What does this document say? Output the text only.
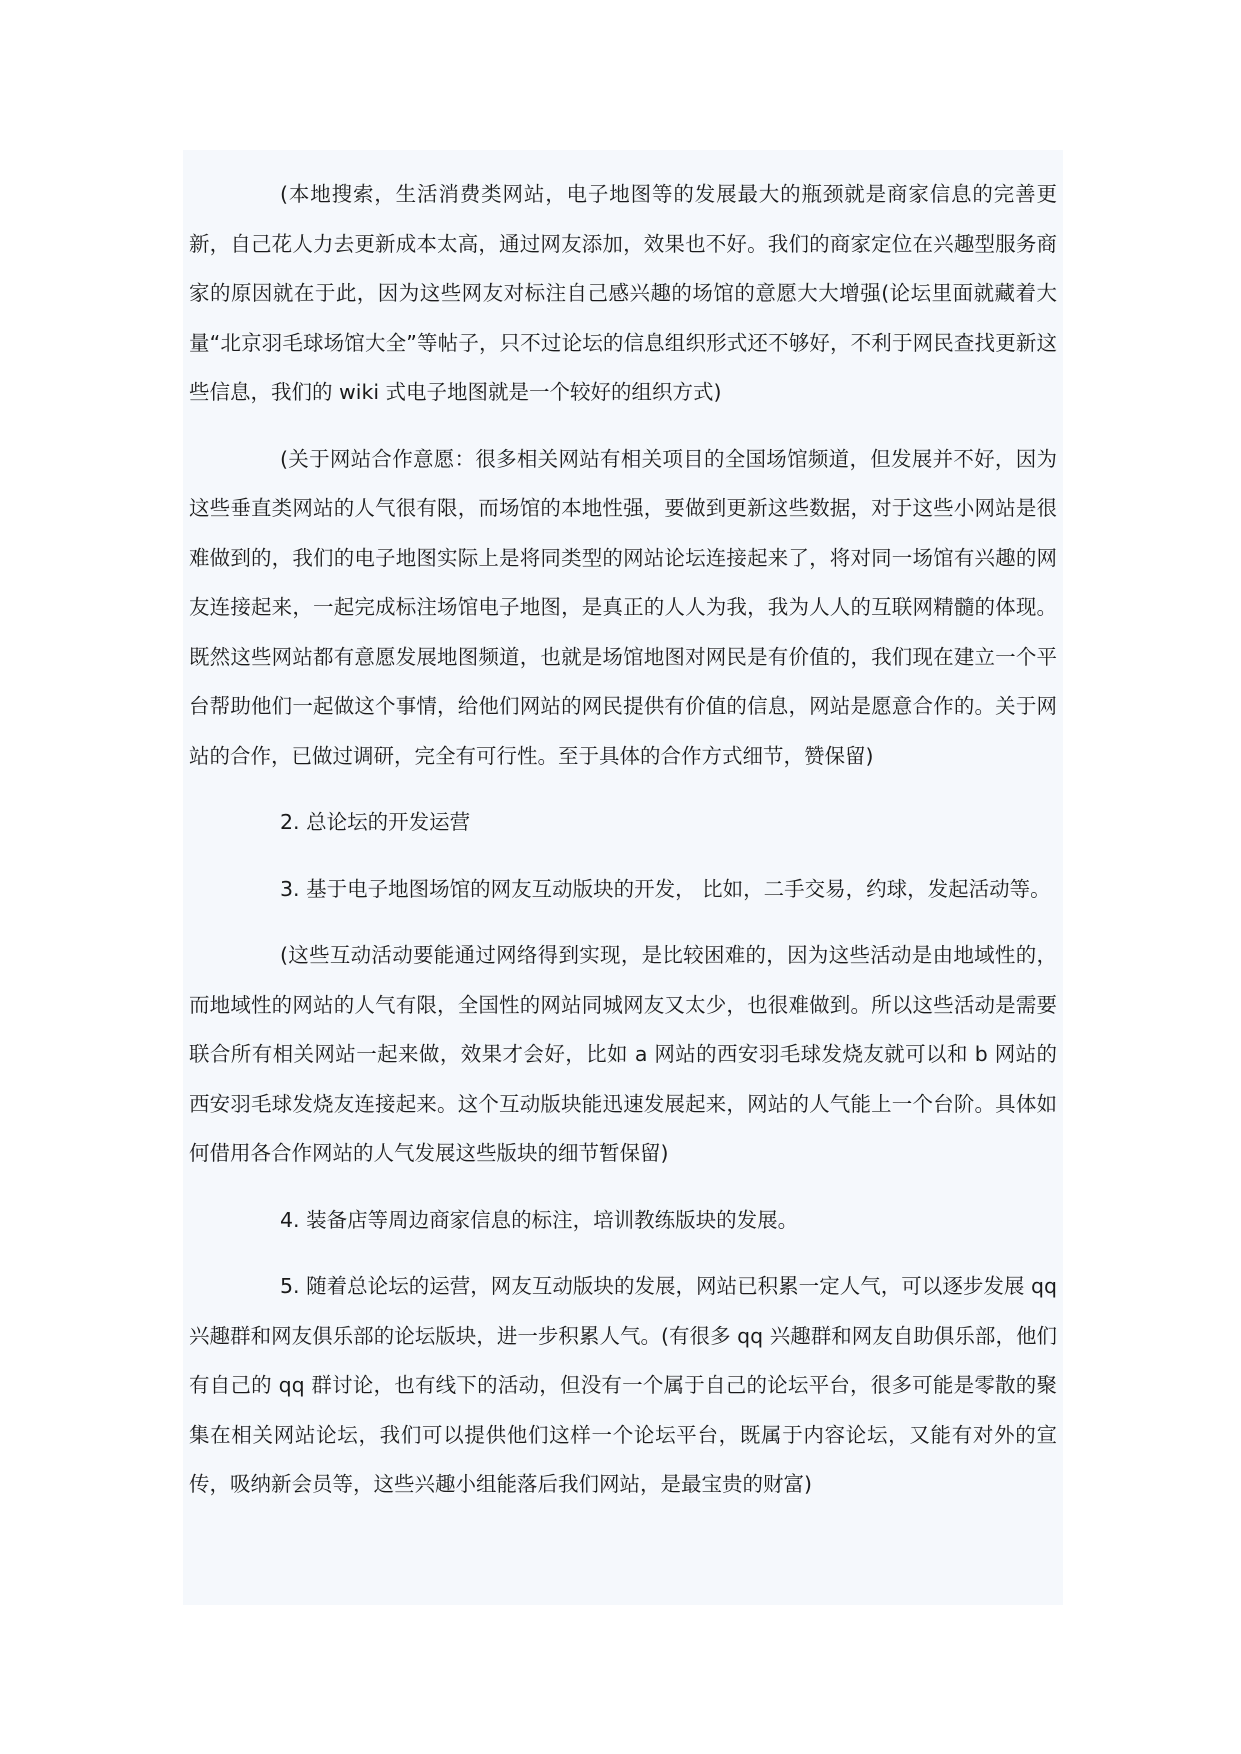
(本地搜索，生活消费类网站，电子地图等的发展最大的瓶颈就是商家信息的完善更新，自己花人力去更新成本太高，通过网友添加，效果也不好。我们的商家定位在兴趣型服务商家的原因就在于此，因为这些网友对标注自己感兴趣的场馆的意愿大大增强(论坛里面就藏着大量“北京羽毛球场馆大全”等帖子，只不过论坛的信息组织形式还不够好，不利于网民查找更新这些信息，我们的 wiki 式电子地图就是一个较好的组织方式)

(关于网站合作意愿：很多相关网站有相关项目的全国场馆频道，但发展并不好，因为这些垂直类网站的人气很有限，而场馆的本地性强，要做到更新这些数据，对于这些小网站是很难做到的，我们的电子地图实际上是将同类型的网站论坛连接起来了，将对同一场馆有兴趣的网友连接起来，一起完成标注场馆电子地图，是真正的人人为我，我为人人的互联网精髓的体现。既然这些网站都有意愿发展地图频道，也就是场馆地图对网民是有价值的，我们现在建立一个平台帮助他们一起做这个事情，给他们网站的网民提供有价值的信息，网站是愿意合作的。关于网站的合作，已做过调研，完全有可行性。至于具体的合作方式细节，赞保留)

2. 总论坛的开发运营

3. 基于电子地图场馆的网友互动版块的开发， 比如，二手交易，约球，发起活动等。

(这些互动活动要能通过网络得到实现，是比较困难的，因为这些活动是由地域性的，而地域性的网站的人气有限，全国性的网站同城网友又太少，也很难做到。所以这些活动是需要联合所有相关网站一起来做，效果才会好，比如 a 网站的西安羽毛球发烧友就可以和 b 网站的西安羽毛球发烧友连接起来。这个互动版块能迅速发展起来，网站的人气能上一个台阶。具体如何借用各合作网站的人气发展这些版块的细节暂保留)

4. 装备店等周边商家信息的标注，培训教练版块的发展。

5. 随着总论坛的运营，网友互动版块的发展，网站已积累一定人气，可以逐步发展 qq 兴趣群和网友俱乐部的论坛版块，进一步积累人气。(有很多 qq 兴趣群和网友自助俱乐部，他们有自己的 qq 群讨论，也有线下的活动，但没有一个属于自己的论坛平台，很多可能是零散的聚集在相关网站论坛，我们可以提供他们这样一个论坛平台，既属于内容论坛，又能有对外的宣传，吸纳新会员等，这些兴趣小组能落后我们网站，是最宝贵的财富)
